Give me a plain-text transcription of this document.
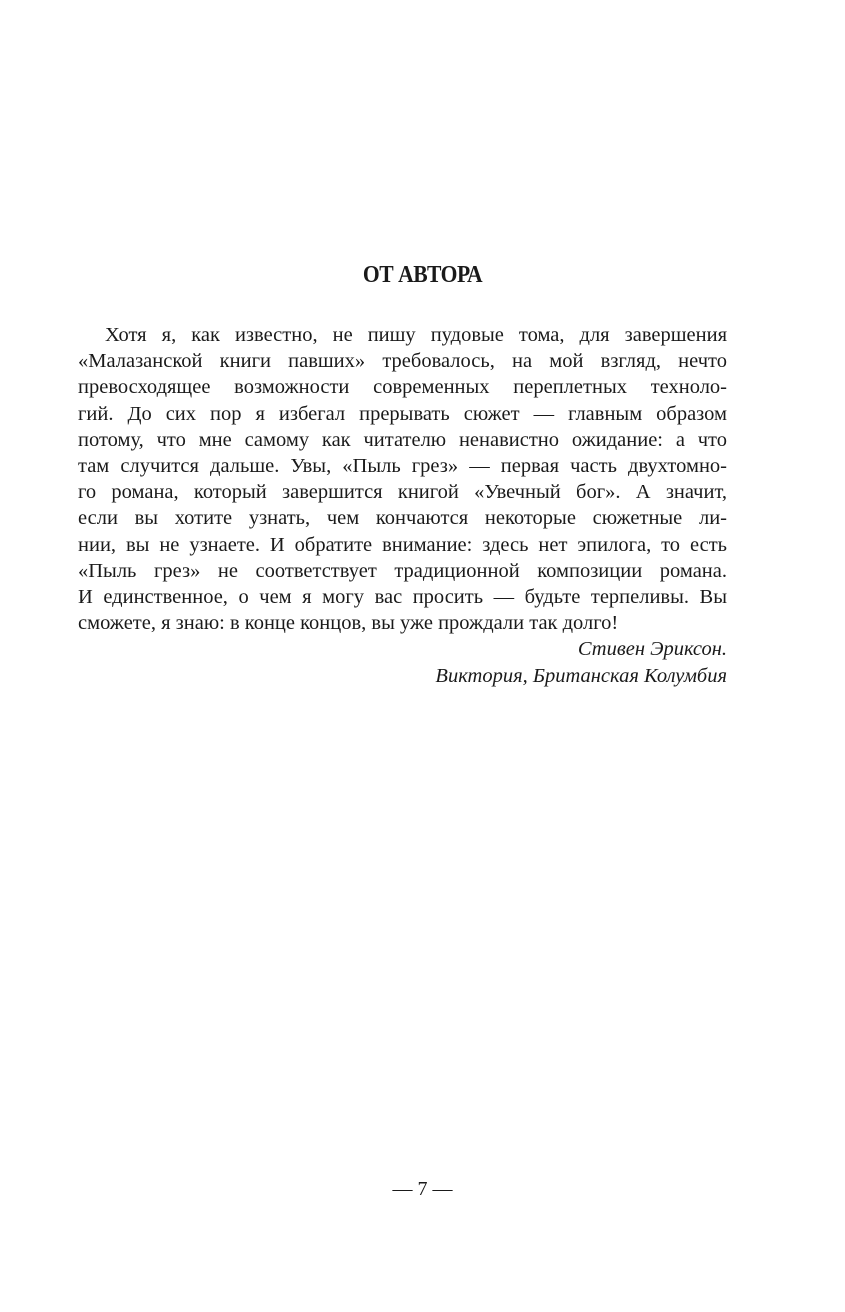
ОТ АВТОРА
Хотя я, как известно, не пишу пудовые тома, для завершения
«Малазанской книги павших» требовалось, на мой взгляд, нечто
превосходящее возможности современных переплетных техноло-
гий. До сих пор я избегал прерывать сюжет — главным образом
потому, что мне самому как читателю ненавистно ожидание: а что
там случится дальше. Увы, «Пыль грез» — первая часть двухтомно-
го романа, который завершится книгой «Увечный бог». А значит,
если вы хотите узнать, чем кончаются некоторые сюжетные ли-
нии, вы не узнаете. И обратите внимание: здесь нет эпилога, то есть
«Пыль грез» не соответствует традиционной композиции романа.
И единственное, о чем я могу вас просить — будьте терпеливы. Вы
сможете, я знаю: в конце концов, вы уже прождали так долго!
Стивен Эриксон.
Виктория, Британская Колумбия
— 7 —
